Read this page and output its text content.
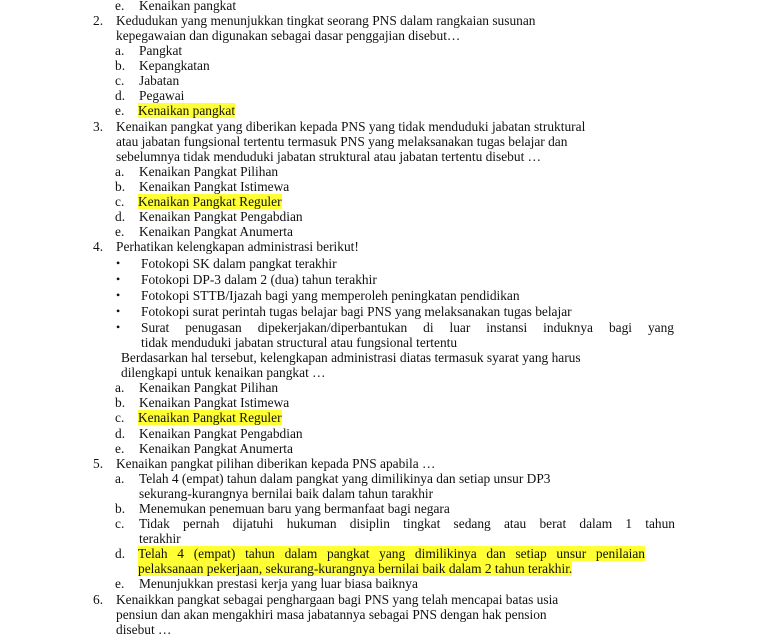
e. Kenaikan pangkat
2. Kedudukan yang menunjukkan tingkat seorang PNS dalam rangkaian susunan
kepegawaian dan digunakan sebagai dasar penggajian disebut…
a. Pangkat
b. Kepangkatan
c. Jabatan
d. Pegawai
e. Kenaikan pangkat
3. Kenaikan pangkat yang diberikan kepada PNS yang tidak menduduki jabatan struktural
atau jabatan fungsional tertentu termasuk PNS yang melaksanakan tugas belajar dan
sebelumnya tidak menduduki jabatan struktural atau jabatan tertentu disebut …
a. Kenaikan Pangkat Pilihan
b. Kenaikan Pangkat Istimewa
c. Kenaikan Pangkat Reguler
d. Kenaikan Pangkat Pengabdian
e. Kenaikan Pangkat Anumerta
4. Perhatikan kelengkapan administrasi berikut!
• Fotokopi SK dalam pangkat terakhir
• Fotokopi DP-3 dalam 2 (dua) tahun terakhir
• Fotokopi STTB/Ijazah bagi yang memperoleh peningkatan pendidikan
• Fotokopi surat perintah tugas belajar bagi PNS yang melaksanakan tugas belajar
• Surat penugasan dipekerjakan/diperbantukan di luar instansi induknya bagi yang
tidak menduduki jabatan structural atau fungsional tertentu
Berdasarkan hal tersebut, kelengkapan administrasi diatas termasuk syarat yang harus
dilengkapi untuk kenaikan pangkat …
a. Kenaikan Pangkat Pilihan
b. Kenaikan Pangkat Istimewa
c. Kenaikan Pangkat Reguler
d. Kenaikan Pangkat Pengabdian
e. Kenaikan Pangkat Anumerta
5. Kenaikan pangkat pilihan diberikan kepada PNS apabila …
a. Telah 4 (empat) tahun dalam pangkat yang dimilikinya dan setiap unsur DP3
sekurang-kurangnya bernilai baik dalam tahun tarakhir
b. Menemukan penemuan baru yang bermanfaat bagi negara
c. Tidak pernah dijatuhi hukuman disiplin tingkat sedang atau berat dalam 1 tahun
terakhir
d. Telah 4 (empat) tahun dalam pangkat yang dimilikinya dan setiap unsur penilaian
pelaksanaan pekerjaan, sekurang-kurangnya bernilai baik dalam 2 tahun terakhir.
e. Menunjukkan prestasi kerja yang luar biasa baiknya
6. Kenaikkan pangkat sebagai penghargaan bagi PNS yang telah mencapai batas usia
pensiun dan akan mengakhiri masa jabatannya sebagai PNS dengan hak pension
disebut …
